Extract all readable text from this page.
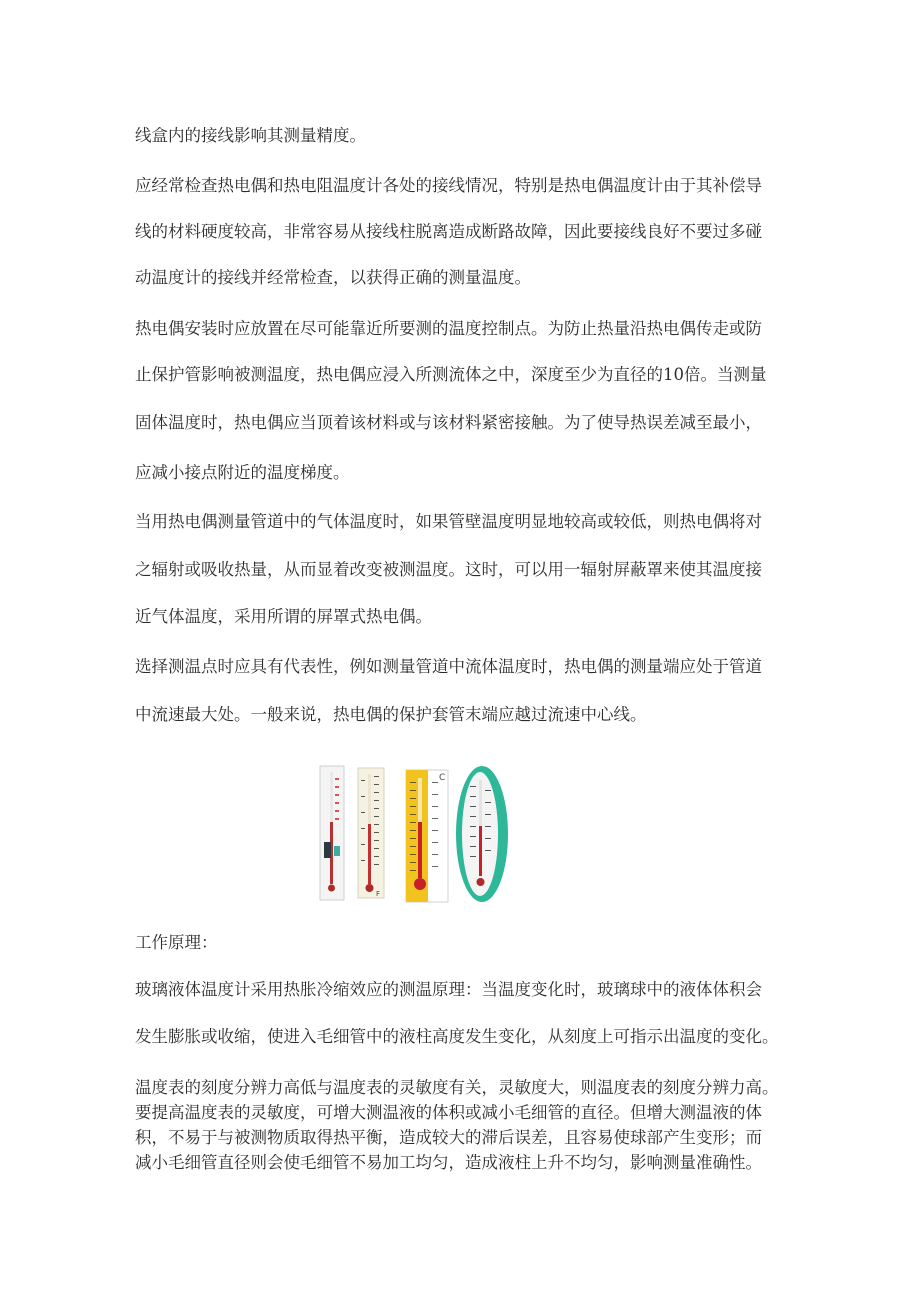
线盒内的接线影响其测量精度。

应经常检查热电偶和热电阻温度计各处的接线情况，特别是热电偶温度计由于其补偿导

线的材料硬度较高，非常容易从接线柱脱离造成断路故障，因此要接线良好不要过多碰

动温度计的接线并经常检查，以获得正确的测量温度。

热电偶安装时应放置在尽可能靠近所要测的温度控制点。为防止热量沿热电偶传走或防

止保护管影响被测温度，热电偶应浸入所测流体之中，深度至少为直径的10倍。当测量

固体温度时，热电偶应当顶着该材料或与该材料紧密接触。为了使导热误差减至最小，

应减小接点附近的温度梯度。

当用热电偶测量管道中的气体温度时，如果管壁温度明显地较高或较低，则热电偶将对

之辐射或吸收热量，从而显着改变被测温度。这时，可以用一辐射屏蔽罩来使其温度接

近气体温度，采用所谓的屏罩式热电偶。

选择测温点时应具有代表性，例如测量管道中流体温度时，热电偶的测量端应处于管道

中流速最大处。一般来说，热电偶的保护套管末端应越过流速中心线。

F
C

工作原理：

玻璃液体温度计采用热胀冷缩效应的测温原理：当温度变化时，玻璃球中的液体体积会

发生膨胀或收缩，使进入毛细管中的液柱高度发生变化，从刻度上可指示出温度的变化。

温度表的刻度分辨力高低与温度表的灵敏度有关，灵敏度大，则温度表的刻度分辨力高。

要提高温度表的灵敏度，可增大测温液的体积或减小毛细管的直径。但增大测温液的体

积，不易于与被测物质取得热平衡，造成较大的滞后误差，且容易使球部产生变形；而

减小毛细管直径则会使毛细管不易加工均匀，造成液柱上升不均匀，影响测量准确性。
